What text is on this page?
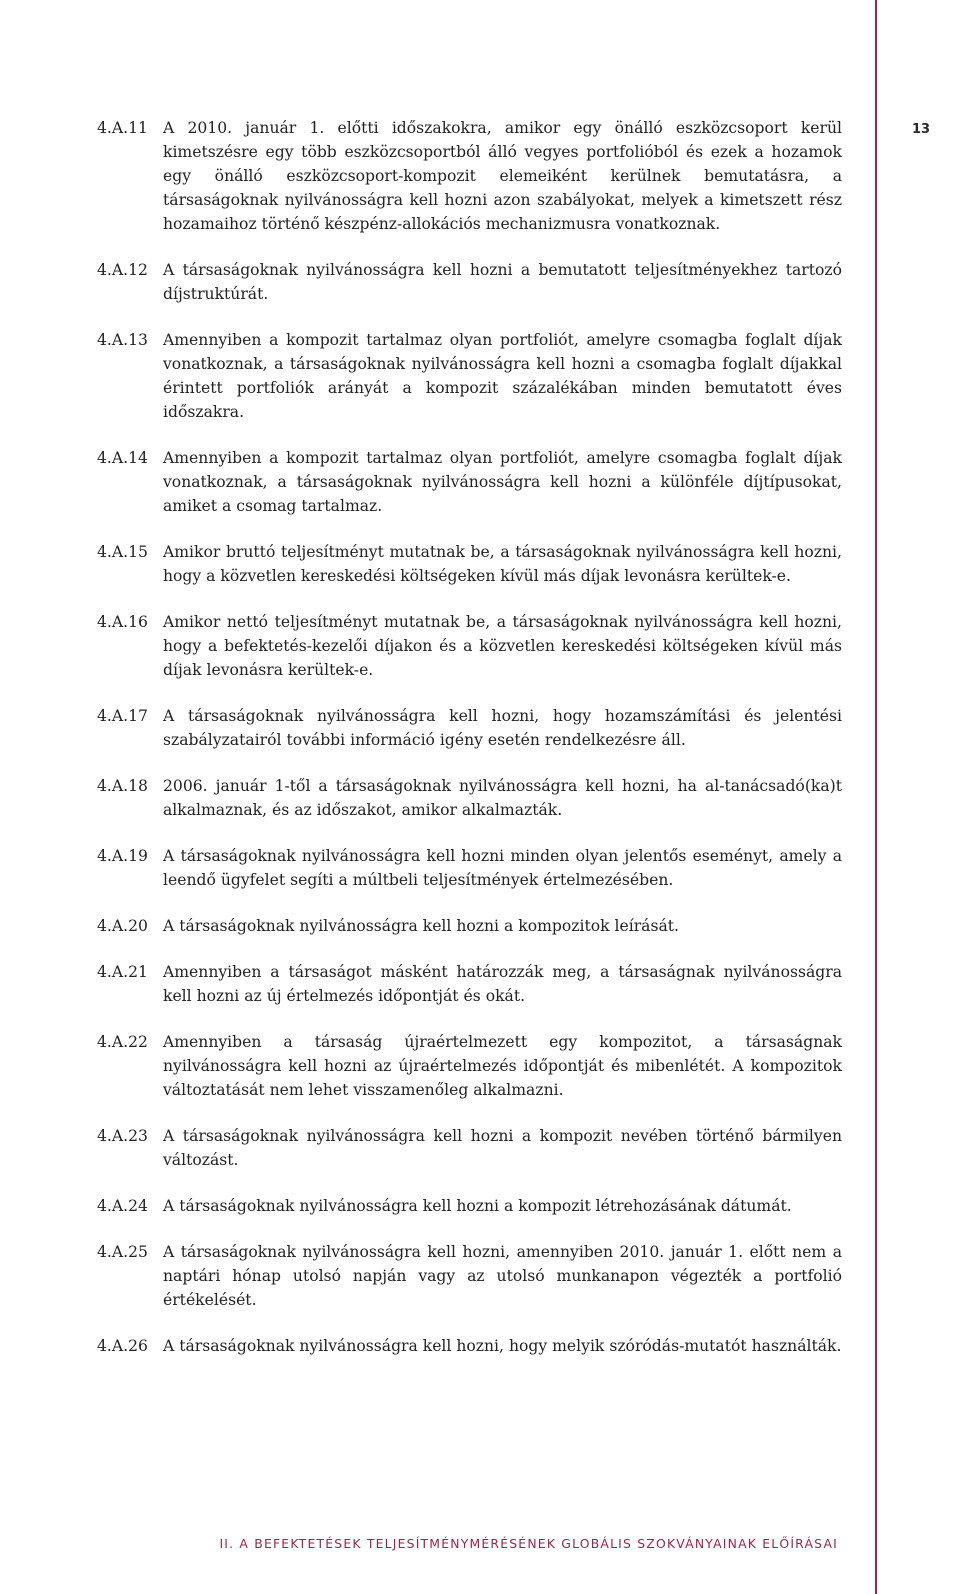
13
4.A.11 A 2010. január 1. előtti időszakokra, amikor egy önálló eszközcsoport kerül kimetszésre egy több eszközcsoportból álló vegyes portfolióból és ezek a hozamok egy önálló eszközcsoport-kompozit elemeiként kerülnek bemutatásra, a társaságoknak nyilvánosságra kell hozni azon szabályokat, melyek a kimetszett rész hozamaihoz történő készpénz-allokációs mechanizmusra vonatkoznak.
4.A.12 A társaságoknak nyilvánosságra kell hozni a bemutatott teljesítményekhez tartozó díjstruktúrát.
4.A.13 Amennyiben a kompozit tartalmaz olyan portfoliót, amelyre csomagba foglalt díjak vonatkoznak, a társaságoknak nyilvánosságra kell hozni a csomagba foglalt díjakkal érintett portfoliók arányát a kompozit százalékában minden bemutatott éves időszakra.
4.A.14 Amennyiben a kompozit tartalmaz olyan portfoliót, amelyre csomagba foglalt díjak vonatkoznak, a társaságoknak nyilvánosságra kell hozni a különféle díjtípusokat, amiket a csomag tartalmaz.
4.A.15 Amikor bruttó teljesítményt mutatnak be, a társaságoknak nyilvánosságra kell hozni, hogy a közvetlen kereskedési költségeken kívül más díjak levonásra kerültek-e.
4.A.16 Amikor nettó teljesítményt mutatnak be, a társaságoknak nyilvánosságra kell hozni, hogy a befektetés-kezelői díjakon és a közvetlen kereskedési költségeken kívül más díjak levonásra kerültek-e.
4.A.17 A társaságoknak nyilvánosságra kell hozni, hogy hozamszámítási és jelentési szabályzatairól további információ igény esetén rendelkezésre áll.
4.A.18 2006. január 1-től a társaságoknak nyilvánosságra kell hozni, ha al-tanácsadó(ka)t alkalmaznak, és az időszakot, amikor alkalmazták.
4.A.19 A társaságoknak nyilvánosságra kell hozni minden olyan jelentős eseményt, amely a leendő ügyfelet segíti a múltbeli teljesítmények értelmezésében.
4.A.20 A társaságoknak nyilvánosságra kell hozni a kompozitok leírását.
4.A.21 Amennyiben a társaságot másként határozzák meg, a társaságnak nyilvánosságra kell hozni az új értelmezés időpontját és okát.
4.A.22 Amennyiben a társaság újraértelmezett egy kompozitot, a társaságnak nyilvánosságra kell hozni az újraértelmezés időpontját és mibenlétét. A kompozitok változtatását nem lehet visszamenőleg alkalmazni.
4.A.23 A társaságoknak nyilvánosságra kell hozni a kompozit nevében történő bármilyen változást.
4.A.24 A társaságoknak nyilvánosságra kell hozni a kompozit létrehozásának dátumát.
4.A.25 A társaságoknak nyilvánosságra kell hozni, amennyiben 2010. január 1. előtt nem a naptári hónap utolsó napján vagy az utolsó munkanapon végezték a portfolió értékelését.
4.A.26 A társaságoknak nyilvánosságra kell hozni, hogy melyik szóródás-mutatót használták.
II. A BEFEKTETÉSEK TELJESÍTMÉNYMÉRÉSÉNEK GLOBÁLIS SZOKVÁNYAINAK ELŐÍRÁSAI
